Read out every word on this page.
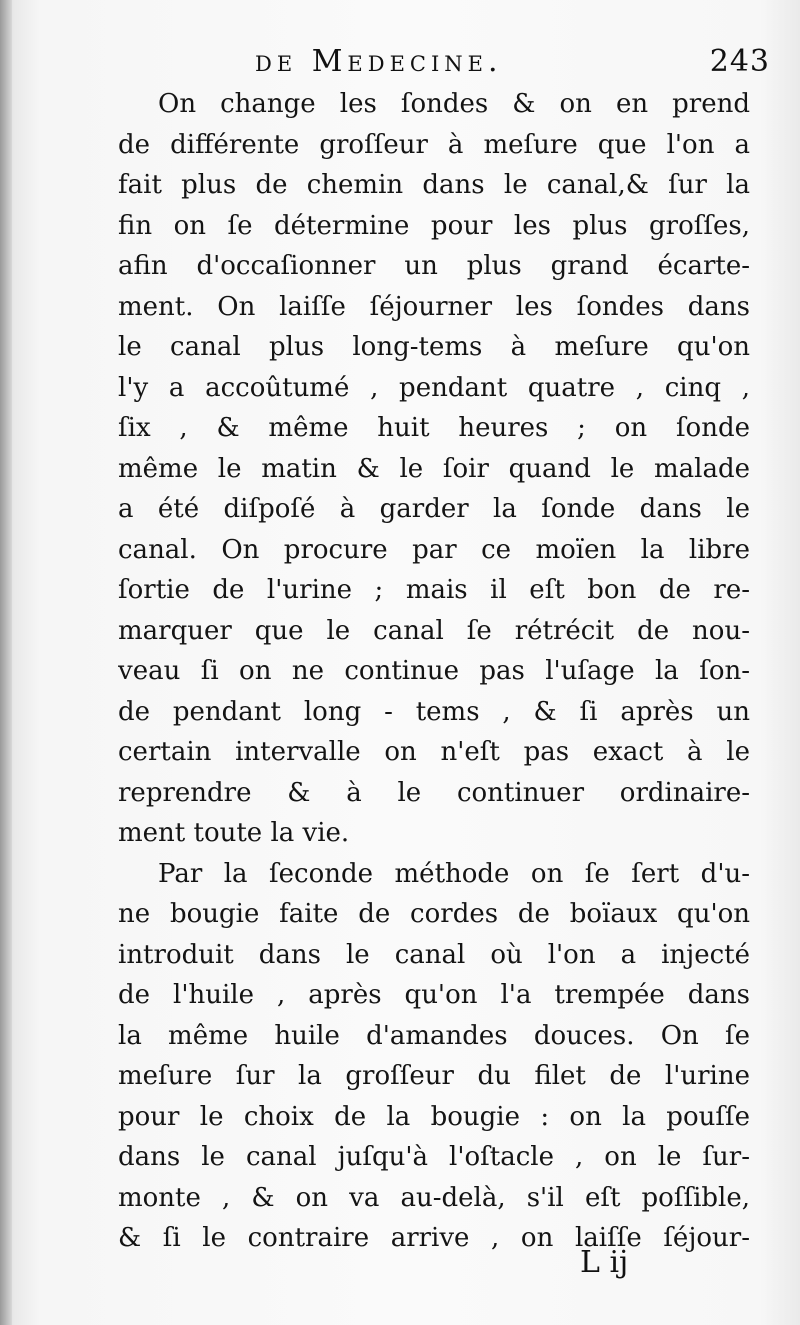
de Medecine.	243
On change les ſondes & on en prend
de différente groſſeur à meſure que l'on a
fait plus de chemin dans le canal,& ſur la
fin on ſe détermine pour les plus groſſes,
afin d'occaſionner un plus grand écarte-
ment. On laiſſe ſéjourner les ſondes dans
le canal plus long-tems à meſure qu'on
l'y a accoûtumé , pendant quatre , cinq ,
ſix , & même huit heures ; on ſonde
même le matin & le ſoir quand le malade
a été diſpoſé à garder la ſonde dans le
canal. On procure par ce moïen la libre
ſortie de l'urine ; mais il eſt bon de re-
marquer que le canal ſe rétrécit de nou-
veau ſi on ne continue pas l'uſage la ſon-
de pendant long - tems , & ſi après un
certain intervalle on n'eſt pas exact à le
reprendre & à le continuer ordinaire-
ment toute la vie.
Par la ſeconde méthode on ſe ſert d'u-
ne bougie faite de cordes de boïaux qu'on
introduit dans le canal où l'on a injecté
de l'huile , après qu'on l'a trempée dans
la même huile d'amandes douces. On ſe
meſure ſur la groſſeur du filet de l'urine
pour le choix de la bougie : on la pouſſe
dans le canal juſqu'à l'oſtacle , on le ſur-
monte , & on va au-delà, s'il eſt poſſible,
& ſi le contraire arrive , on laiſſe ſéjour-
L ij
